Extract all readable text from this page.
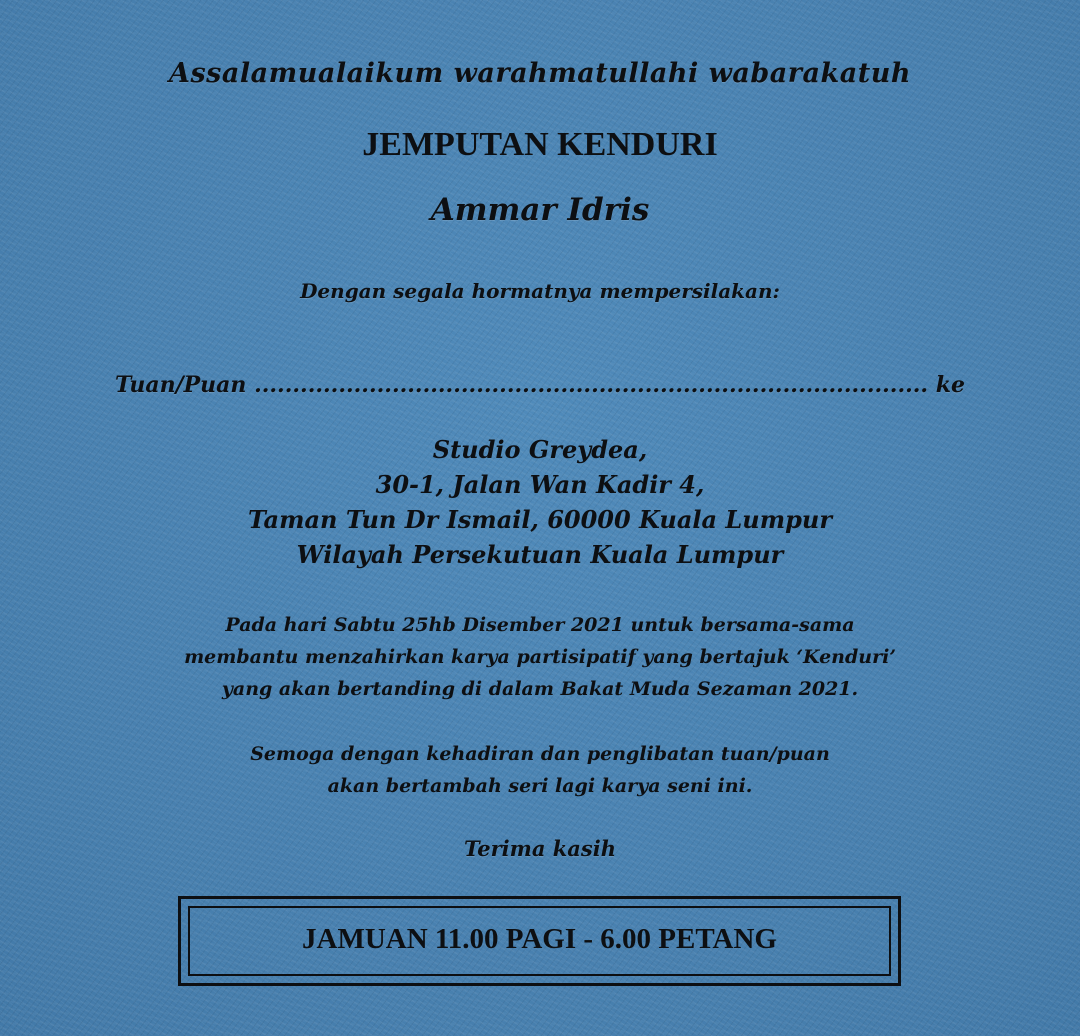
Assalamualaikum warahmatullahi wabarakatuh
JEMPUTAN KENDURI
Ammar Idris
Dengan segala hormatnya mempersilakan:
Tuan/Puan ........................................................................................ ke
Studio Greydea,
30-1, Jalan Wan Kadir 4,
Taman Tun Dr Ismail, 60000 Kuala Lumpur
Wilayah Persekutuan Kuala Lumpur
Pada hari Sabtu 25hb Disember 2021 untuk bersama-sama
membantu menzahirkan karya partisipatif yang bertajuk ‘Kenduri’
yang akan bertanding di dalam Bakat Muda Sezaman 2021.
Semoga dengan kehadiran dan penglibatan tuan/puan
akan bertambah seri lagi karya seni ini.
Terima kasih
JAMUAN 11.00 PAGI - 6.00 PETANG
